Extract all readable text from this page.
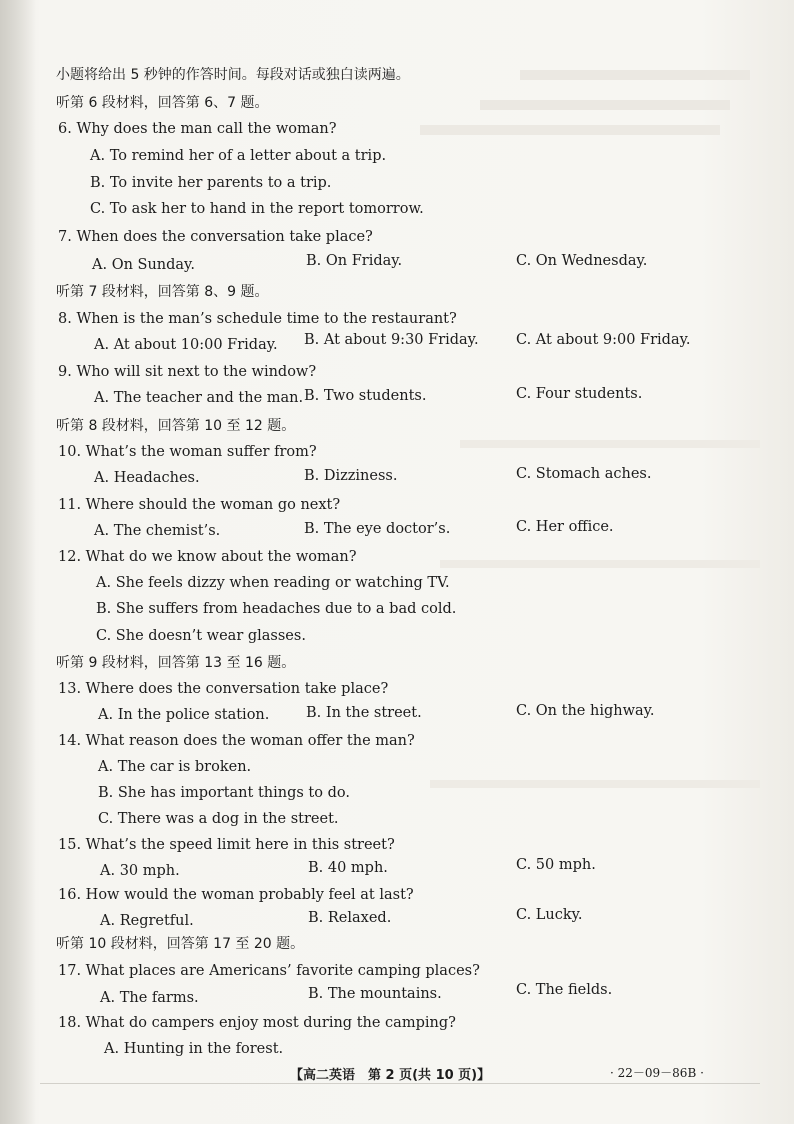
小题将给出 5 秒钟的作答时间。每段对话或独白读两遍。
听第 6 段材料，回答第 6、7 题。
6. Why does the man call the woman?
A. To remind her of a letter about a trip.
B. To invite her parents to a trip.
C. To ask her to hand in the report tomorrow.
7. When does the conversation take place?
A. On Sunday.	B. On Friday.	C. On Wednesday.
听第 7 段材料，回答第 8、9 题。
8. When is the man’s schedule time to the restaurant?
A. At about 10:00 Friday. B. At about 9:30 Friday.	C. At about 9:00 Friday.
9. Who will sit next to the window?
A. The teacher and the man. B. Two students.	C. Four students.
听第 8 段材料，回答第 10 至 12 题。
10. What’s the woman suffer from?
A. Headaches.	B. Dizziness.	C. Stomach aches.
11. Where should the woman go next?
A. The chemist’s.	B. The eye doctor’s.	C. Her office.
12. What do we know about the woman?
A. She feels dizzy when reading or watching TV.
B. She suffers from headaches due to a bad cold.
C. She doesn’t wear glasses.
听第 9 段材料，回答第 13 至 16 题。
13. Where does the conversation take place?
A. In the police station.	B. In the street.	C. On the highway.
14. What reason does the woman offer the man?
A. The car is broken.
B. She has important things to do.
C. There was a dog in the street.
15. What’s the speed limit here in this street?
A. 30 mph.	B. 40 mph.	C. 50 mph.
16. How would the woman probably feel at last?
A. Regretful.	B. Relaxed.	C. Lucky.
听第 10 段材料，回答第 17 至 20 题。
17. What places are Americans’ favorite camping places?
A. The farms.	B. The mountains.	C. The fields.
18. What do campers enjoy most during the camping?
A. Hunting in the forest.
【高二英语　第 2 页(共 10 页)】	· 22－09－86B ·
